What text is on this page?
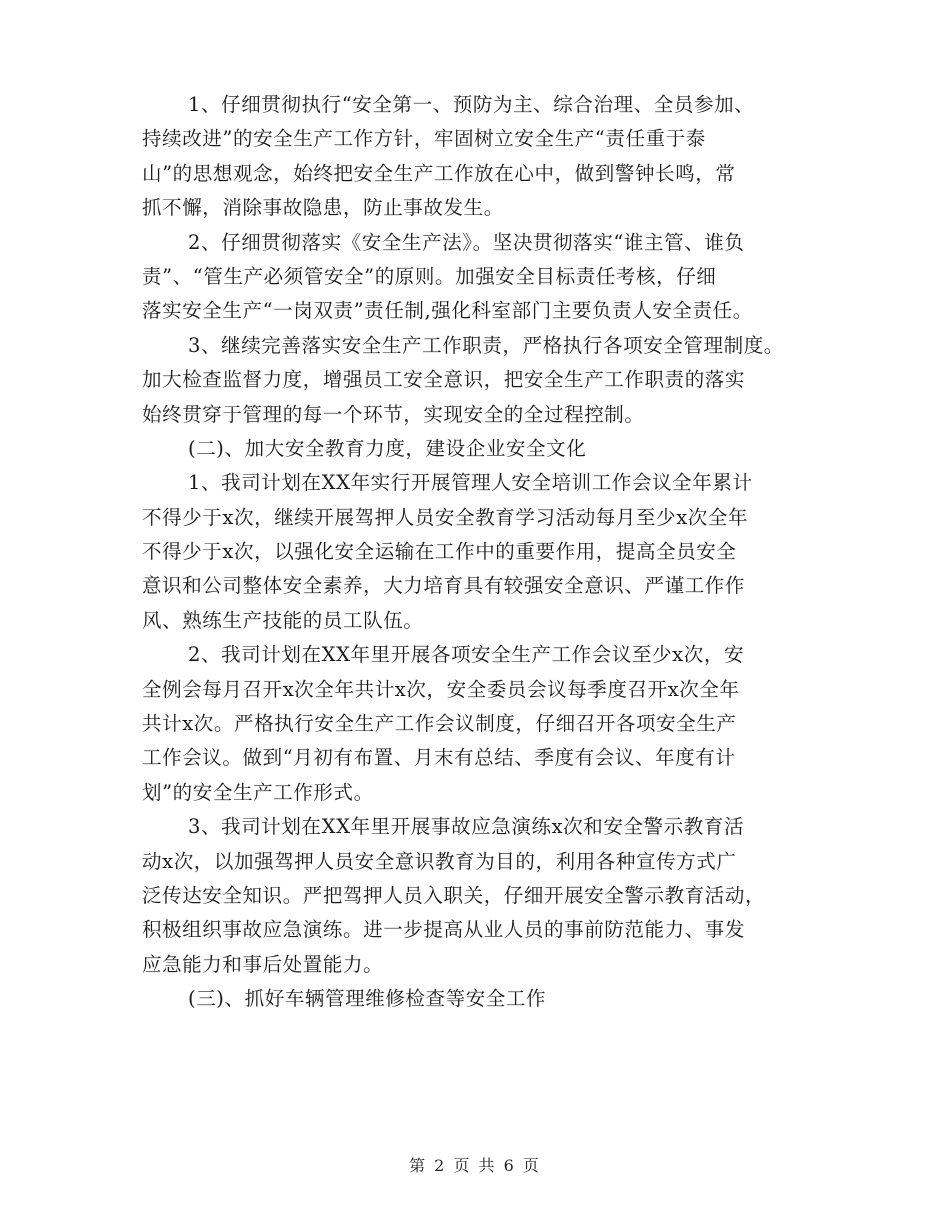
1、仔细贯彻执行“安全第一、预防为主、综合治理、全员参加、
持续改进”的安全生产工作方针，牢固树立安全生产“责任重于泰
山”的思想观念，始终把安全生产工作放在心中，做到警钟长鸣，常
抓不懈，消除事故隐患，防止事故发生。

2、仔细贯彻落实《安全生产法》。坚决贯彻落实“谁主管、谁负
责”、“管生产必须管安全”的原则。加强安全目标责任考核，仔细
落实安全生产“一岗双责”责任制,强化科室部门主要负责人安全责任。

3、继续完善落实安全生产工作职责，严格执行各项安全管理制度。
加大检查监督力度，增强员工安全意识，把安全生产工作职责的落实
始终贯穿于管理的每一个环节，实现安全的全过程控制。

(二)、加大安全教育力度，建设企业安全文化

1、我司计划在XX年实行开展管理人安全培训工作会议全年累计
不得少于x次，继续开展驾押人员安全教育学习活动每月至少x次全年
不得少于x次，以强化安全运输在工作中的重要作用，提高全员安全
意识和公司整体安全素养，大力培育具有较强安全意识、严谨工作作
风、熟练生产技能的员工队伍。

2、我司计划在XX年里开展各项安全生产工作会议至少x次，安
全例会每月召开x次全年共计x次，安全委员会议每季度召开x次全年
共计x次。严格执行安全生产工作会议制度，仔细召开各项安全生产
工作会议。做到“月初有布置、月末有总结、季度有会议、年度有计
划”的安全生产工作形式。

3、我司计划在XX年里开展事故应急演练x次和安全警示教育活
动x次，以加强驾押人员安全意识教育为目的，利用各种宣传方式广
泛传达安全知识。严把驾押人员入职关，仔细开展安全警示教育活动，
积极组织事故应急演练。进一步提高从业人员的事前防范能力、事发
应急能力和事后处置能力。

(三)、抓好车辆管理维修检查等安全工作

第 2 页 共 6 页
